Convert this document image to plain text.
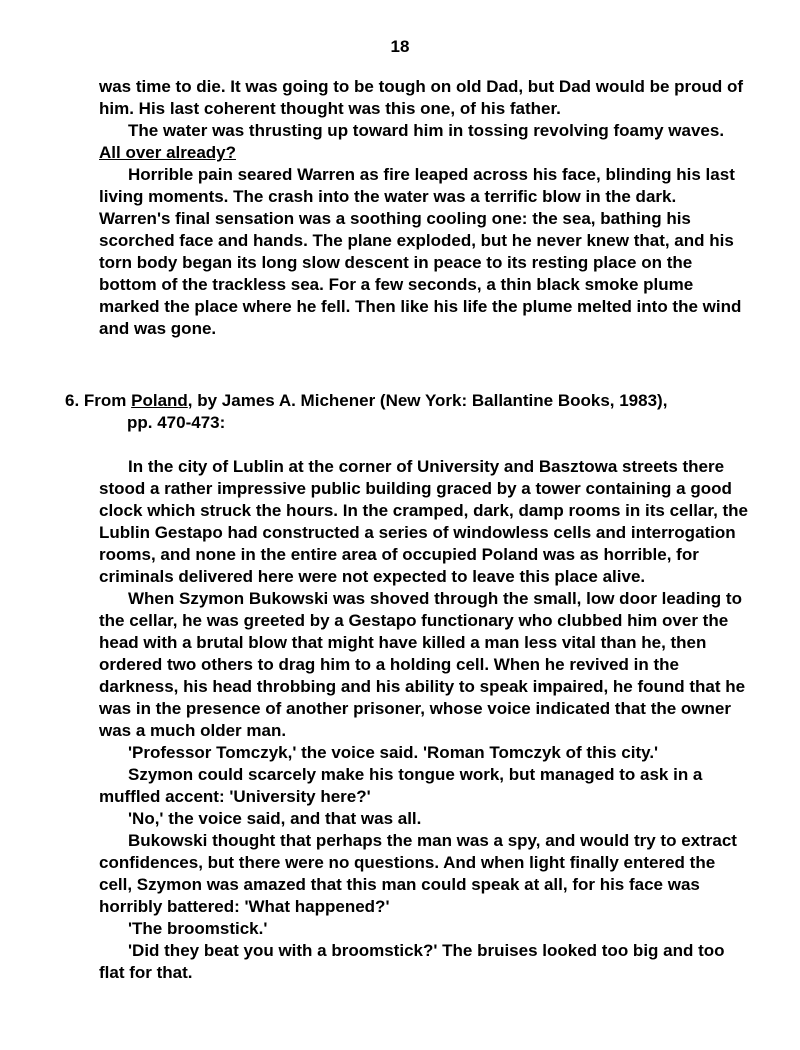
18

was time to die. It was going to be tough on old Dad, but Dad would be proud of him. His last coherent thought was this one, of his father.

The water was thrusting up toward him in tossing revolving foamy waves. All over already?

Horrible pain seared Warren as fire leaped across his face, blinding his last living moments. The crash into the water was a terrific blow in the dark. Warren's final sensation was a soothing cooling one: the sea, bathing his scorched face and hands. The plane exploded, but he never knew that, and his torn body began its long slow descent in peace to its resting place on the bottom of the trackless sea. For a few seconds, a thin black smoke plume marked the place where he fell. Then like his life the plume melted into the wind and was gone.

6. From Poland, by James A. Michener (New York: Ballantine Books, 1983),
pp. 470-473:

In the city of Lublin at the corner of University and Basztowa streets there stood a rather impressive public building graced by a tower containing a good clock which struck the hours. In the cramped, dark, damp rooms in its cellar, the Lublin Gestapo had constructed a series of windowless cells and interrogation rooms, and none in the entire area of occupied Poland was as horrible, for criminals delivered here were not expected to leave this place alive.

When Szymon Bukowski was shoved through the small, low door leading to the cellar, he was greeted by a Gestapo functionary who clubbed him over the head with a brutal blow that might have killed a man less vital than he, then ordered two others to drag him to a holding cell. When he revived in the darkness, his head throbbing and his ability to speak impaired, he found that he was in the presence of another prisoner, whose voice indicated that the owner was a much older man.

'Professor Tomczyk,' the voice said. 'Roman Tomczyk of this city.'

Szymon could scarcely make his tongue work, but managed to ask in a muffled accent: 'University here?'

'No,' the voice said, and that was all.

Bukowski thought that perhaps the man was a spy, and would try to extract confidences, but there were no questions. And when light finally entered the cell, Szymon was amazed that this man could speak at all, for his face was horribly battered: 'What happened?'

'The broomstick.'

'Did they beat you with a broomstick?' The bruises looked too big and too flat for that.
